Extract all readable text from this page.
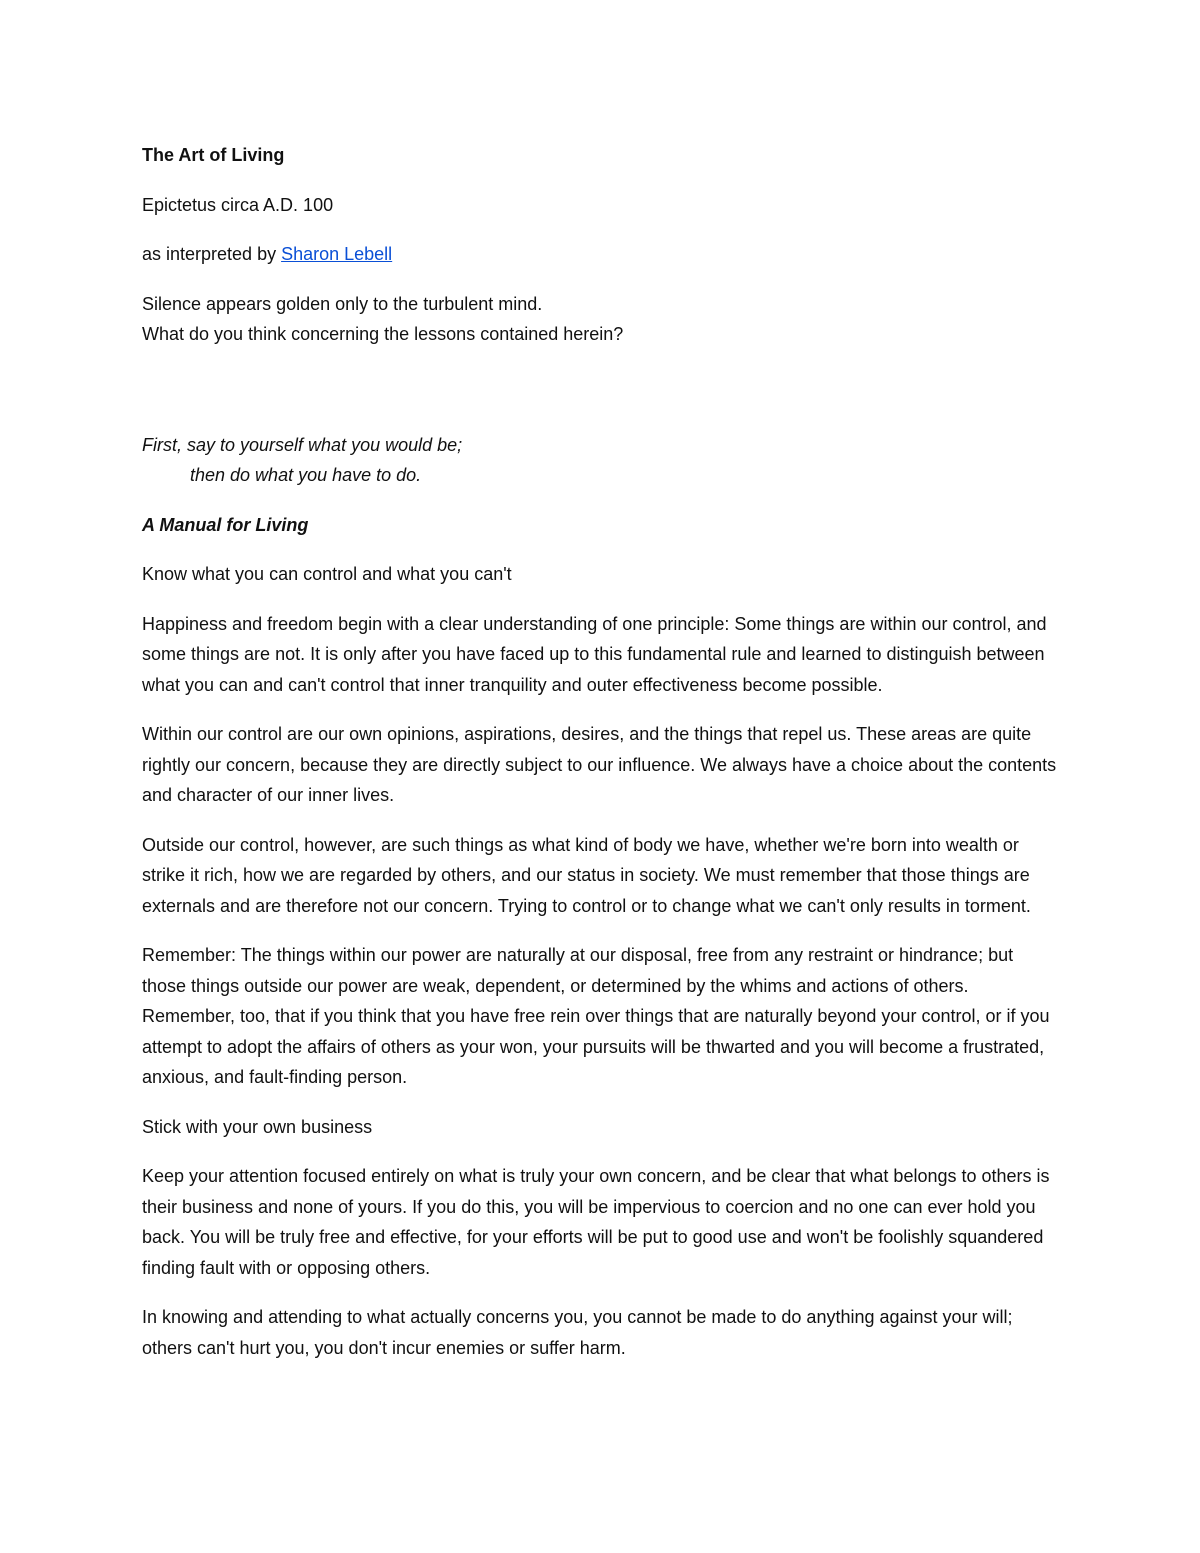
The Art of Living

Epictetus circa A.D. 100

as interpreted by Sharon Lebell

Silence appears golden only to the turbulent mind.
What do you think concerning the lessons contained herein?

First, say to yourself what you would be;
then do what you have to do.

A Manual for Living

Know what you can control and what you can't

Happiness and freedom begin with a clear understanding of one principle: Some things are within our control, and some things are not. It is only after you have faced up to this fundamental rule and learned to distinguish between what you can and can't control that inner tranquility and outer effectiveness become possible.

Within our control are our own opinions, aspirations, desires, and the things that repel us. These areas are quite rightly our concern, because they are directly subject to our influence. We always have a choice about the contents and character of our inner lives.

Outside our control, however, are such things as what kind of body we have, whether we're born into wealth or strike it rich, how we are regarded by others, and our status in society. We must remember that those things are externals and are therefore not our concern. Trying to control or to change what we can't only results in torment.

Remember: The things within our power are naturally at our disposal, free from any restraint or hindrance; but those things outside our power are weak, dependent, or determined by the whims and actions of others. Remember, too, that if you think that you have free rein over things that are naturally beyond your control, or if you attempt to adopt the affairs of others as your won, your pursuits will be thwarted and you will become a frustrated, anxious, and fault-finding person.

Stick with your own business

Keep your attention focused entirely on what is truly your own concern, and be clear that what belongs to others is their business and none of yours. If you do this, you will be impervious to coercion and no one can ever hold you back. You will be truly free and effective, for your efforts will be put to good use and won't be foolishly squandered finding fault with or opposing others.

In knowing and attending to what actually concerns you, you cannot be made to do anything against your will; others can't hurt you, you don't incur enemies or suffer harm.
